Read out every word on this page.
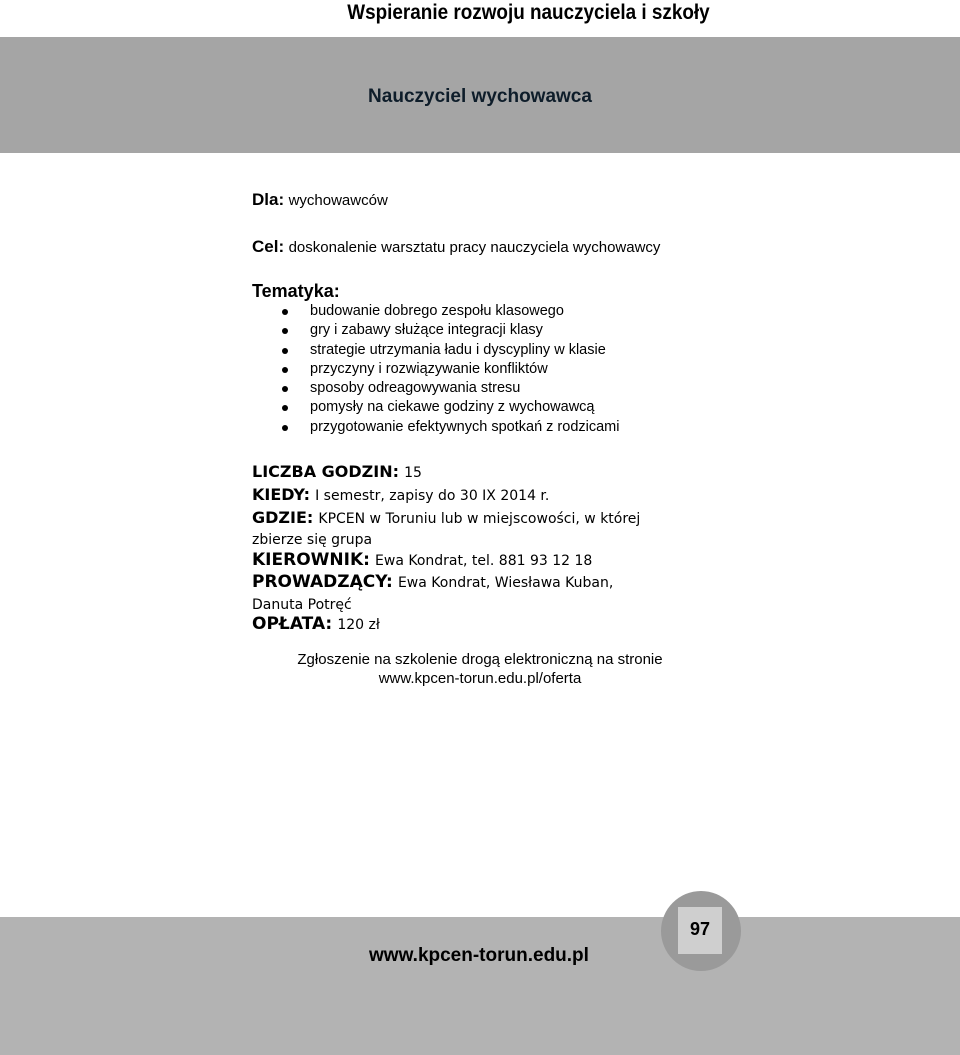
Wspieranie rozwoju nauczyciela i szkoły
Nauczyciel wychowawca
Dla: wychowawców
Cel: doskonalenie warsztatu pracy nauczyciela wychowawcy
Tematyka:
budowanie dobrego zespołu klasowego
gry i zabawy służące integracji klasy
strategie utrzymania ładu i dyscypliny w klasie
przyczyny i rozwiązywanie konfliktów
sposoby odreagowywania stresu
pomysły na ciekawe godziny z wychowawcą
przygotowanie efektywnych spotkań z rodzicami
LICZBA GODZIN: 15
KIEDY: I semestr, zapisy do 30 IX 2014 r.
GDZIE: KPCEN w Toruniu lub w miejscowości, w której
zbierze się grupa
KIEROWNIK: Ewa Kondrat, tel. 881 93 12 18
PROWADZĄCY: Ewa Kondrat, Wiesława Kuban,
Danuta Potręć
OPŁATA: 120 zł
Zgłoszenie na szkolenie drogą elektroniczną na stronie
www.kpcen-torun.edu.pl/oferta
www.kpcen-torun.edu.pl
97
